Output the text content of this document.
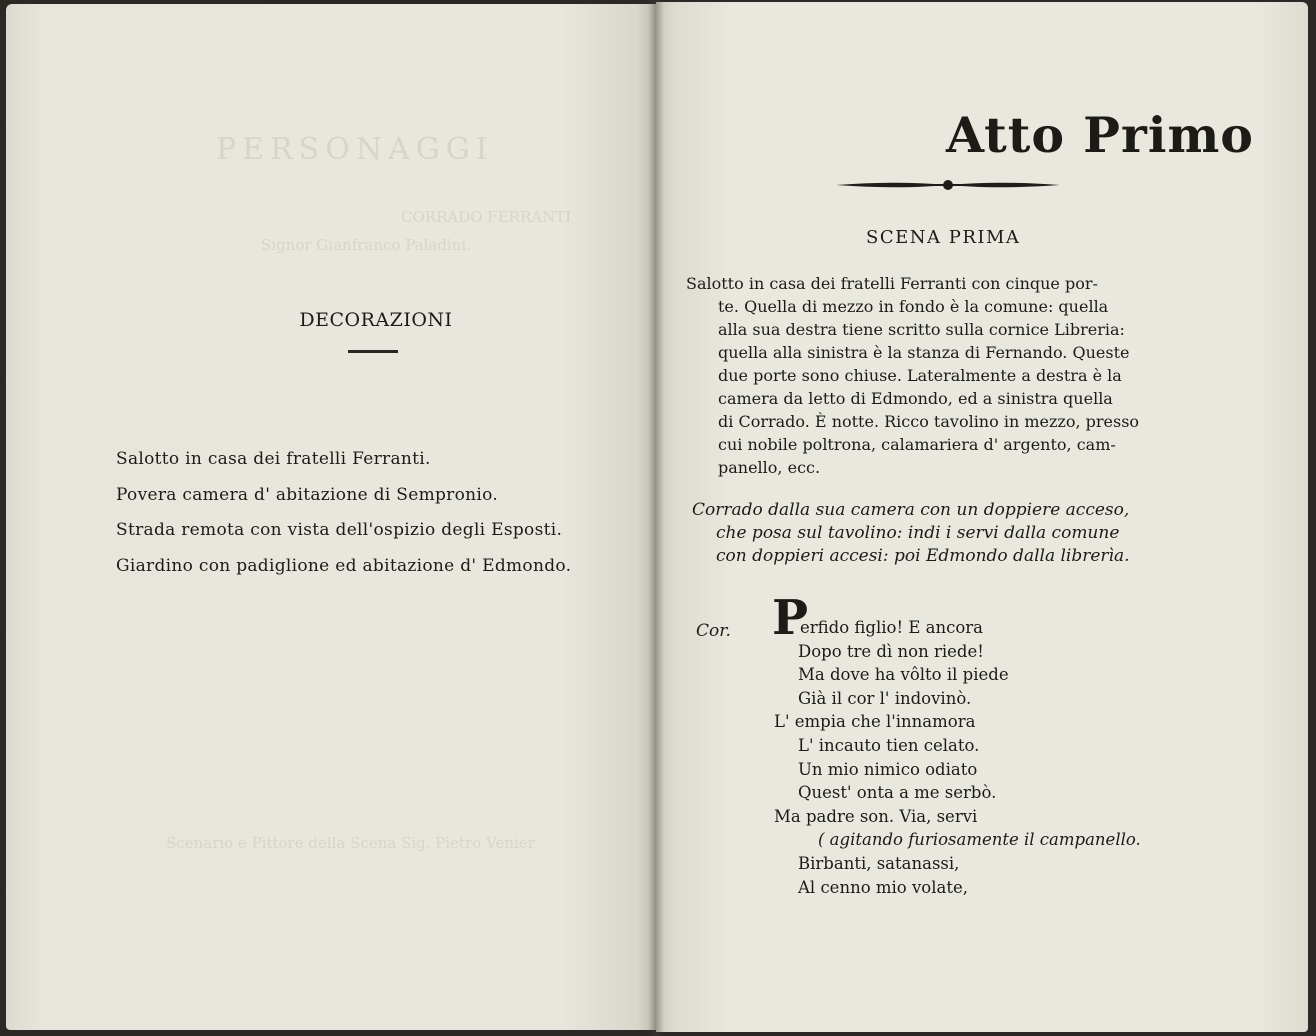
PERSONAGGI
CORRADO FERRANTI
Signor Gianfranco Paladini.
Scenario e Pittore della Scena Sig. Pietro Venier
DECORAZIONI
Salotto in casa dei fratelli Ferranti.
Povera camera d' abitazione di Sempronio.
Strada remota con vista dell'ospizio degli Esposti.
Giardino con padiglione ed abitazione d' Edmondo.
Atto Primo
SCENA PRIMA

Salotto in casa dei fratelli Ferranti con cinque por-

te. Quella di mezzo in fondo è la comune: quella

alla sua destra tiene scritto sulla cornice Libreria:

quella alla sinistra è la stanza di Fernando. Queste

due porte sono chiuse. Lateralmente a destra è la

camera da letto di Edmondo, ed a sinistra quella

di Corrado. È notte. Ricco tavolino in mezzo, presso

cui nobile poltrona, calamariera d' argento, cam-

panello, ecc.

Corrado dalla sua camera con un doppiere acceso,

che posa sul tavolino: indi i servi dalla comune

con doppieri accesi: poi Edmondo dalla librerìa.

Cor. P

erfido figlio! E ancora

Dopo tre dì non riede!

Ma dove ha vôlto il piede

Già il cor l' indovinò.

L' empia che l'innamora

L' incauto tien celato.

Un mio nimico odiato

Quest' onta a me serbò.

Ma padre son. Via, servi

( agitando furiosamente il campanello.

Birbanti, satanassi,

Al cenno mio volate,
